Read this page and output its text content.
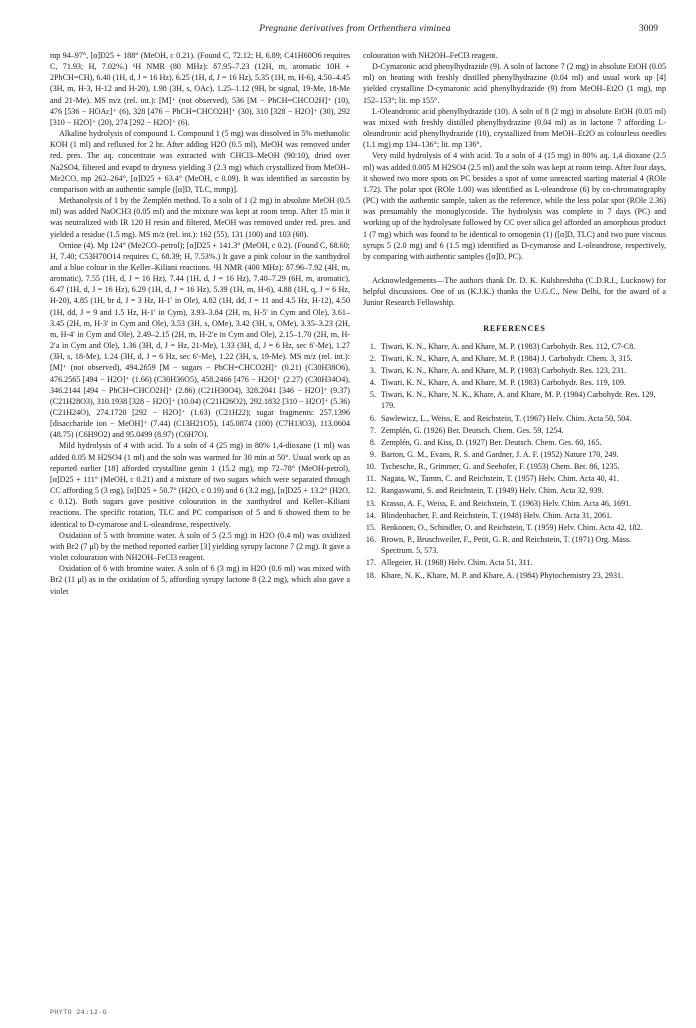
Pregnane derivatives from Orthenthera viminea	3009

mp 94–97°, [α]D25 + 188° (MeOH, c 0.21). (Found C, 72.12; H, 6.89; C41H60O6 requires C, 71.93; H, 7.02%.) ¹H NMR (80 MHz): δ7.95–7.23 (12H, m, aromatic 10H + 2PhCH=CH), 6.40 (1H, d, J = 16 Hz), 6.25 (1H, d, J = 16 Hz), 5.35 (1H, m, H-6), 4.50–4.45 (3H, m, H-3, H-12 and H-20), 1.98 (3H, s, OAc), 1.25–1.12 (9H, br signal, 19-Me, 18-Me and 21-Me). MS m/z (rel. int.): [M]⁺ (not observed), 536 [M − PhCH=CHCO2H]⁺ (10), 476 [536 − HOAc]⁺ (6), 328 [476 − PhCH=CHCO2H]⁺ (30), 310 [328 − H2O]⁺ (30), 292 [310 − H2O]⁺ (20), 274 [292 − H2O]⁺ (6).

Alkaline hydrolysis of compound 1. Compound 1 (5 mg) was dissolved in 5% methanolic KOH (1 ml) and refluxed for 2 hr. After adding H2O (0.5 ml), MeOH was removed under red. pres. The aq. concentrate was extracted with CHCl3–MeOH (90:10), dried over Na2SO4, filtered and evapd to dryness yielding 3 (2.3 mg) which crystallized from MeOH–Me2CO, mp 262–264°, [α]D25 + 63.4° (MeOH, c 0.09). It was identified as sarcostin by comparison with an authentic sample ([α]D, TLC, mmp)].

Methanolysis of 1 by the Zemplén method. To a soln of 1 (2 mg) in absolute MeOH (0.5 ml) was added NaOCH3 (0.05 ml) and the mixture was kept at room temp. After 15 min it was neutralized with IR 120 H resin and filtered, MeOH was removed under red. pres. and yielded a residue (1.5 mg). MS m/z (rel. int.): 162 (55), 131 (100) and 103 (60).

Ornine (4). Mp 124° (Me2CO–petrol); [α]D25 + 141.3° (MeOH, c 0.2). (Found C, 68.60; H, 7.40; C53H70O14 requires C, 68.39; H, 7.53%.) It gave a pink colour in the xanthydrol and a blue colour in the Keller–Kiliani reactions. ¹H NMR (400 MHz): δ7.96–7.92 (4H, m, aromatic), 7.55 (1H, d, J = 16 Hz), 7.44 (1H, d, J = 16 Hz), 7.40–7.29 (6H, m, aromatic), 6.47 (1H, d, J = 16 Hz), 6.29 (1H, d, J = 16 Hz), 5.39 (1H, m, H-6), 4.88 (1H, q, J = 6 Hz, H-20), 4.85 (1H, br d, J = 3 Hz, H-1′ in Ole), 4.82 (1H, dd, J = 11 and 4.5 Hz, H-12), 4.50 (1H, dd, J = 9 and 1.5 Hz, H-1′ in Cym), 3.93–3.84 (2H, m, H-5′ in Cym and Ole), 3.61–3.45 (2H, m, H-3′ in Cym and Ole), 3.53 (3H, s, OMe), 3.42 (3H, s, OMe), 3.35–3.23 (2H, m, H-4′ in Cym and Ole), 2.49–2.15 (2H, m, H-2′e in Cym and Ole), 2.15–1.70 (2H, m, H-2′a in Cym and Ole), 1.36 (3H, d, J = Hz, 21-Me), 1.33 (3H, d, J = 6 Hz, sec 6′-Me), 1.27 (3H, s, 18-Me), 1.24 (3H, d, J = 6 Hz, sec 6′-Me), 1.22 (3H, s, 19-Me). MS m/z (rel. int.): [M]⁺ (not observed), 494.2659 [M − sugars − PhCH=CHCO2H]⁺ (0.21) (C30H38O6), 476.2565 [494 − H2O]⁺ (1.66) (C30H36O5), 458.2466 [476 − H2O]⁺ (2.27) (C30H34O4), 346.2144 [494 − PhCH=CHCO2H]⁺ (2.86) (C21H30O4), 328.2041 [346 − H2O]⁺ (9.37) (C21H28O3), 310.1938 [328 − H2O]⁺ (10.04) (C21H26O2), 292.1832 [310 − H2O]⁺ (5.36) (C21H24O), 274.1720 [292 − H2O]⁺ (1.63) (C21H22); sugar fragments: 257.1396 [disaccharide ion − MeOH]⁺ (7.44) (C13H21O5), 145.0874 (100) (C7H13O3), 113.0604 (48.75) (C6H9O2) and 95.0499 (8.97) (C6H7O).

Mild hydrolysis of 4 with acid. To a soln of 4 (25 mg) in 80% 1,4-dioxane (1 ml) was added 0.05 M H2SO4 (1 ml) and the soln was warmed for 30 min at 50°. Usual work up as reported earlier [18] afforded crystalline genin 1 (15.2 mg), mp 72–78° (MeOH-petrol), [α]D25 + 111° (MeOH, c 0.21) and a mixture of two sugars which were separated through CC affording 5 (3 mg), [α]D25 + 50.7° (H2O, c 0.19) and 6 (3.2 mg), [α]D25 + 13.2° (H2O, c 0.12). Both sugars gave positive colouration in the xanthydrol and Keller–Kiliani reactions. The specific rotation, TLC and PC comparison of 5 and 6 showed them to be identical to D-cymarose and L-oleandrose, respectively.

Oxidation of 5 with bromine water. A soln of 5 (2.5 mg) in H2O (0.4 ml) was oxidized with Br2 (7 μl) by the method reported earlier [3] yielding syrupy lactone 7 (2 mg). It gave a violet colouration with NH2OH–FeCl3 reagent.

Oxidation of 6 with bromine water. A soln of 6 (3 mg) in H2O (0.6 ml) was mixed with Br2 (11 μl) as in the oxidation of 5, affording syrupy lactone 8 (2.2 mg), which also gave a violet

colouration with NH2OH–FeCl3 reagent.

D-Cymaronic acid phenylhydrazide (9). A soln of lactone 7 (2 mg) in absolute EtOH (0.05 ml) on heating with freshly distilled phenylhydrazine (0.04 ml) and usual work up [4] yielded crystalline D-cymaronic acid phenylhydrazide (9) from MeOH–Et2O (1 mg), mp 152–153°; lit. mp 155°.

L-Oleandronic acid phenylhydrazide (10). A soln of 8 (2 mg) in absolute EtOH (0.05 ml) was mixed with freshly distilled phenylhydrazine (0.04 ml) as in lactone 7 affording L-oleandronic acid phenylhydrazide (10), crystallized from MeOH–Et2O as colourless needles (1.1 mg) mp 134–136°; lit. mp 136°.

Very mild hydrolysis of 4 with acid. To a soln of 4 (15 mg) in 80% aq. 1,4 dioxane (2.5 ml) was added 0.005 M H2SO4 (2.5 ml) and the soln was kept at room temp. After four days, it showed two more spots on PC besides a spot of some unreacted starting material 4 (ROle 1.72). The polar spot (ROle 1.00) was identified as L-oleandrose (6) by co-chromatography (PC) with the authentic sample, taken as the reference, while the less polar spot (ROle 2.36) was presumably the monoglycoside. The hydrolysis was complete in 7 days (PC) and working up of the hydrolysate followed by CC over silica gel afforded an amorphous product 1 (7 mg) which was found to be identical to ornogenin (1) ([α]D, TLC) and two pure viscous syrups 5 (2.0 mg) and 6 (1.5 mg) identified as D-cymarose and L-oleandrose, respectively, by comparing with authentic samples ([α]D, PC).

Acknowledgements—The authors thank Dr. D. K. Kulshreshtha (C.D.R.I., Lucknow) for helpful discussions. One of us (K.J.K.) thanks the U.G.C., New Delhi, for the award of a Junior Research Fellowship.

REFERENCES
1. Tiwari, K. N., Khare, A. and Khare, M. P. (1983) Carbohydr. Res. 112, C7-C8.
2. Tiwari, K. N., Khare, A. and Khare, M. P. (1984) J. Carbohydr. Chem. 3, 315.
3. Tiwari, K. N., Khare, A. and Khare, M. P. (1983) Carbohydr. Res. 123, 231.
4. Tiwari, K. N., Khare, A. and Khare, M. P. (1983) Carbohydr. Res. 119, 109.
5. Tiwari, K. N., Khare, N. K., Khare, A. and Khare, M. P. (1984) Carbohydr. Res. 129, 179.
6. Sawlewicz, L., Weiss, E. and Reichstein, T. (1967) Helv. Chim. Acta 50, 504.
7. Zemplén, G. (1926) Ber. Deutsch. Chem. Ges. 59, 1254.
8. Zemplén, G. and Kiss, D. (1927) Ber. Deutsch. Chem. Ges. 60, 165.
9. Barton, G. M., Evans, R. S. and Gardner, J. A. F. (1952) Nature 170, 249.
10. Tschesche, R., Grimmer, G. and Seehofer, F. (1953) Chem. Ber. 86, 1235.
11. Nagata, W., Tamm, C. and Reichstein, T. (1957) Helv. Chim. Acta 40, 41.
12. Rangaswami, S. and Reichstein, T. (1949) Helv. Chim. Acta 32, 939.
13. Krasso, A. F., Weiss, E. and Reichstein, T. (1963) Helv. Chim. Acta 46, 1691.
14. Blindenbacher, F. and Reichstein, T. (1948) Helv. Chim. Acta 31, 2061.
15. Renkonen, O., Schindler, O. and Reichstein, T. (1959) Helv. Chim. Acta 42, 182.
16. Brown, P., Bruschweiler, F., Petit, G. R. and Reichstein, T. (1971) Org. Mass. Spectrum. 5, 573.
17. Allegeier, H. (1968) Helv. Chim. Acta 51, 311.
18. Khare, N. K., Khare, M. P. and Khare, A. (1984) Phytochemistry 23, 2931.
PHYTO 24:12-G
